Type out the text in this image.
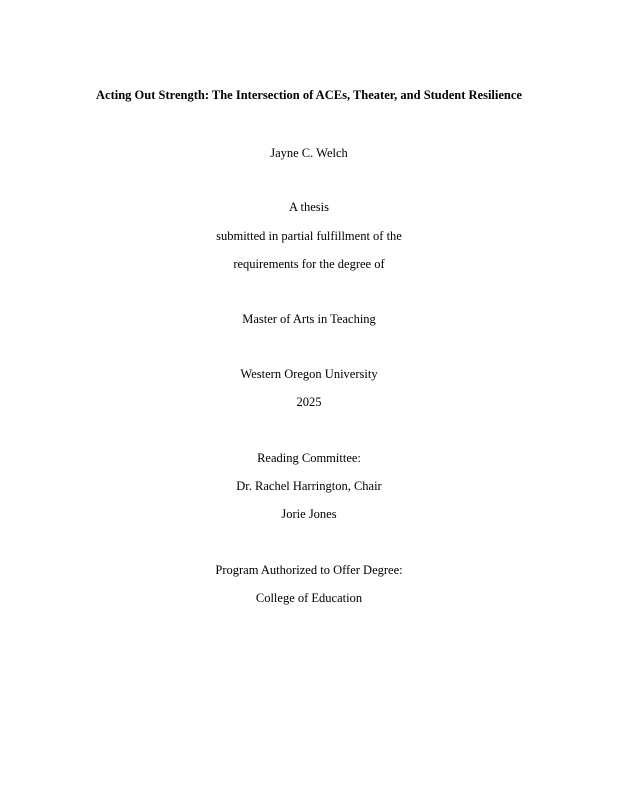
Acting Out Strength: The Intersection of ACEs, Theater, and Student Resilience
Jayne C. Welch
A thesis
submitted in partial fulfillment of the
requirements for the degree of
Master of Arts in Teaching
Western Oregon University
2025
Reading Committee:
Dr. Rachel Harrington, Chair
Jorie Jones
Program Authorized to Offer Degree:
College of Education
